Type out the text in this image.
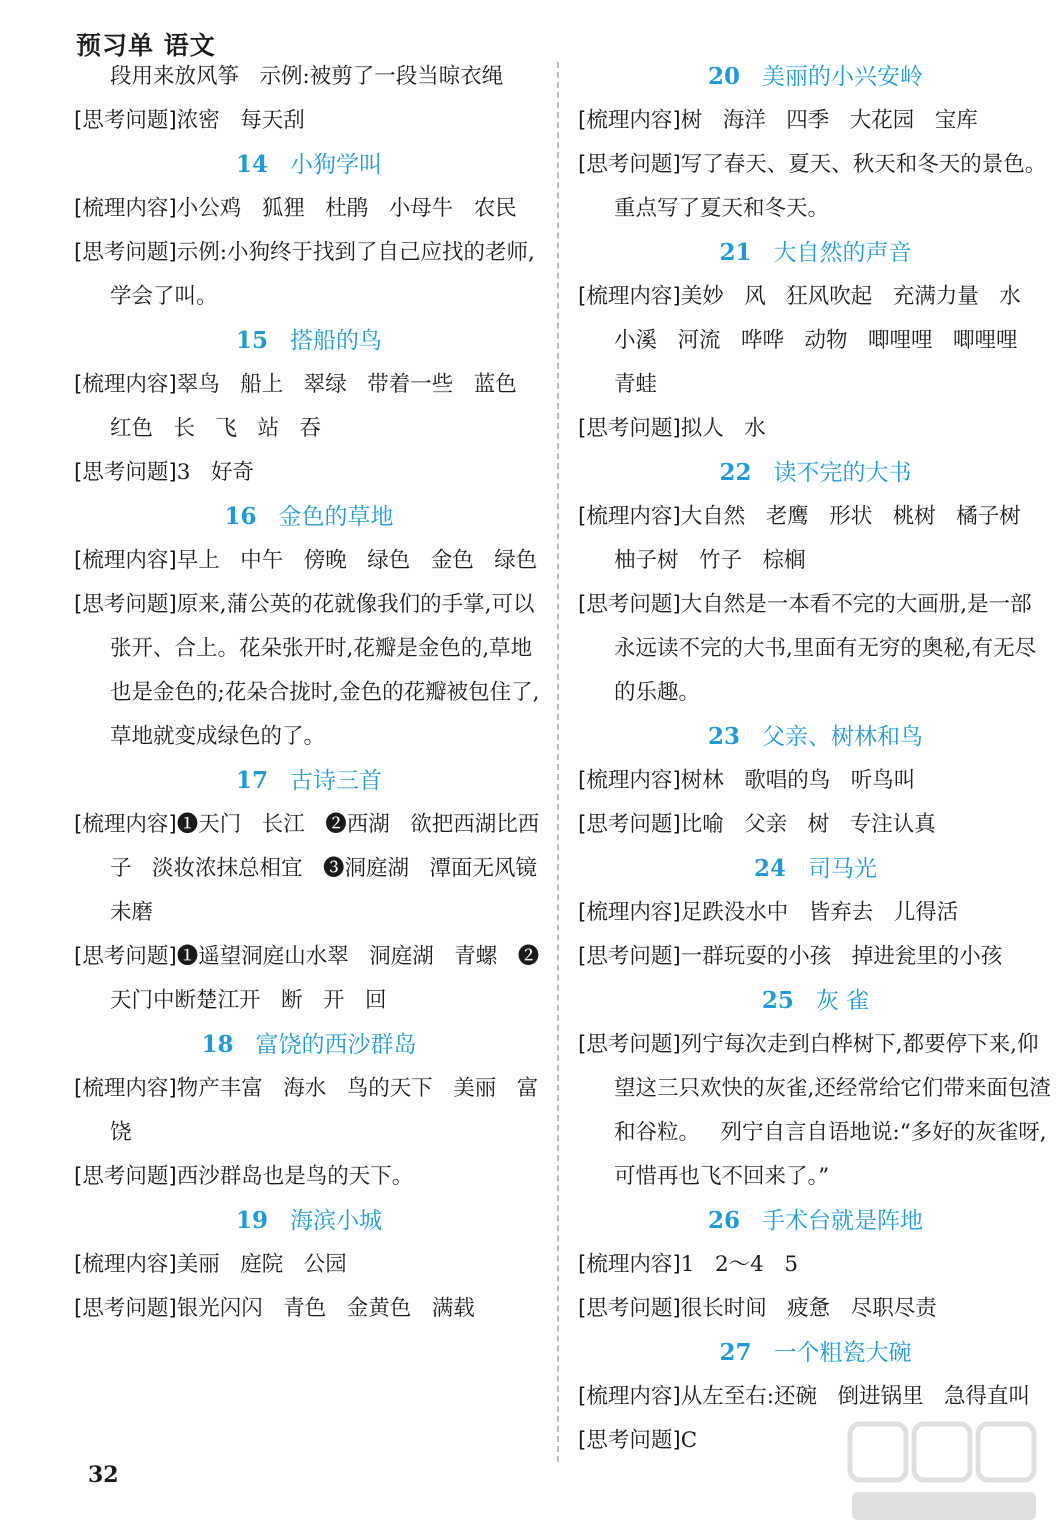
预习单 语文
段用来放风筝   示例:被剪了一段当晾衣绳
[思考问题]浓密   每天刮
14 小狗学叫
[梳理内容]小公鸡   狐狸   杜鹃   小母牛   农民
[思考问题]示例:小狗终于找到了自己应找的老师,学会了叫。
15 搭船的鸟
[梳理内容]翠鸟   船上   翠绿   带着一些   蓝色   红色   长   飞   站   吞
[思考问题]3   好奇
16 金色的草地
[梳理内容]早上   中午   傍晚   绿色   金色   绿色
[思考问题]原来,蒲公英的花就像我们的手掌,可以张开、合上。花朵张开时,花瓣是金色的,草地也是金色的;花朵合拢时,金色的花瓣被包住了,草地就变成绿色的了。
17 古诗三首
[梳理内容]❶天门   长江   ❷西湖   欲把西湖比西子   淡妆浓抹总相宜   ❸洞庭湖   潭面无风镜未磨
[思考问题]❶遥望洞庭山水翠   洞庭湖   青螺   ❷天门中断楚江开   断   开   回
18 富饶的西沙群岛
[梳理内容]物产丰富   海水   鸟的天下   美丽   富饶
[思考问题]西沙群岛也是鸟的天下。
19 海滨小城
[梳理内容]美丽   庭院   公园
[思考问题]银光闪闪   青色   金黄色   满载
20 美丽的小兴安岭
[梳理内容]树   海洋   四季   大花园   宝库
[思考问题]写了春天、夏天、秋天和冬天的景色。重点写了夏天和冬天。
21 大自然的声音
[梳理内容]美妙   风   狂风吹起   充满力量   水   小溪   河流   哗哗   动物   唧哩哩   唧哩哩   青蛙
[思考问题]拟人   水
22 读不完的大书
[梳理内容]大自然   老鹰   形状   桃树   橘子树   柚子树   竹子   棕榈
[思考问题]大自然是一本看不完的大画册,是一部永远读不完的大书,里面有无穷的奥秘,有无尽的乐趣。
23 父亲、树林和鸟
[梳理内容]树林   歌唱的鸟   听鸟叫
[思考问题]比喻   父亲   树   专注认真
24 司马光
[梳理内容]足跌没水中   皆弃去   儿得活
[思考问题]一群玩耍的小孩   掉进瓮里的小孩
25 灰 雀
[思考问题]列宁每次走到白桦树下,都要停下来,仰望这三只欢快的灰雀,还经常给它们带来面包渣和谷粒。   列宁自言自语地说:“多好的灰雀呀,可惜再也飞不回来了。”
26 手术台就是阵地
[梳理内容]1   2～4   5
[思考问题]很长时间   疲惫   尽职尽责
27 一个粗瓷大碗
[梳理内容]从左至右:还碗   倒进锅里   急得直叫
[思考问题]C
32
